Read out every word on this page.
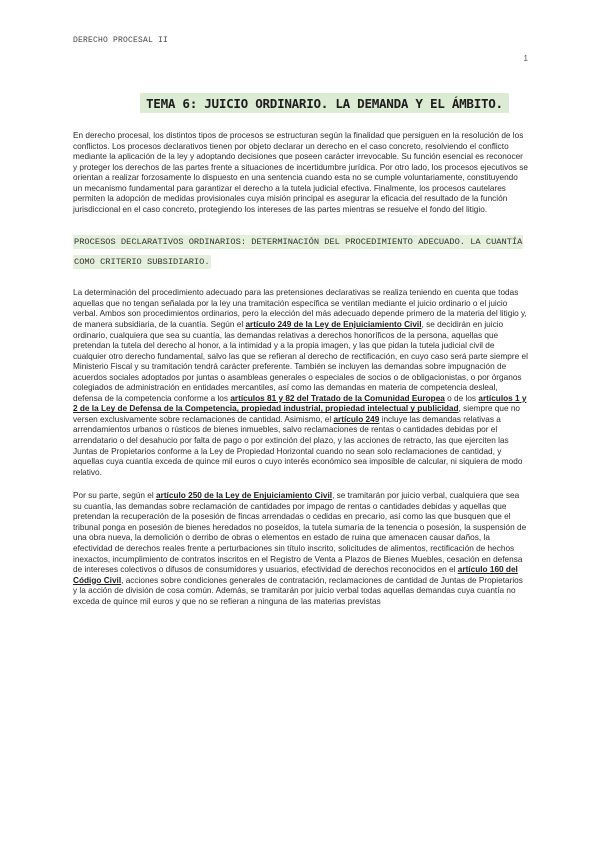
DERECHO PROCESAL II
1
TEMA 6: JUICIO ORDINARIO. LA DEMANDA Y EL ÁMBITO.

En derecho procesal, los distintos tipos de procesos se estructuran según la finalidad que persiguen en la resolución de los conflictos. Los procesos declarativos tienen por objeto declarar un derecho en el caso concreto, resolviendo el conflicto mediante la aplicación de la ley y adoptando decisiones que poseen carácter irrevocable. Su función esencial es reconocer y proteger los derechos de las partes frente a situaciones de incertidumbre jurídica. Por otro lado, los procesos ejecutivos se orientan a realizar forzosamente lo dispuesto en una sentencia cuando esta no se cumple voluntariamente, constituyendo un mecanismo fundamental para garantizar el derecho a la tutela judicial efectiva. Finalmente, los procesos cautelares permiten la adopción de medidas provisionales cuya misión principal es asegurar la eficacia del resultado de la función jurisdiccional en el caso concreto, protegiendo los intereses de las partes mientras se resuelve el fondo del litigio.

PROCESOS DECLARATIVOS ORDINARIOS: DETERMINACIÓN DEL PROCEDIMIENTO ADECUADO. LA CUANTÍA COMO CRITERIO SUBSIDIARIO.

La determinación del procedimiento adecuado para las pretensiones declarativas se realiza teniendo en cuenta que todas aquellas que no tengan señalada por la ley una tramitación específica se ventilan mediante el juicio ordinario o el juicio verbal. Ambos son procedimientos ordinarios, pero la elección del más adecuado depende primero de la materia del litigio y, de manera subsidiaria, de la cuantía. Según el artículo 249 de la Ley de Enjuiciamiento Civil, se decidirán en juicio ordinario, cualquiera que sea su cuantía, las demandas relativas a derechos honoríficos de la persona, aquellas que pretendan la tutela del derecho al honor, a la intimidad y a la propia imagen, y las que pidan la tutela judicial civil de cualquier otro derecho fundamental, salvo las que se refieran al derecho de rectificación, en cuyo caso será parte siempre el Ministerio Fiscal y su tramitación tendrá carácter preferente. También se incluyen las demandas sobre impugnación de acuerdos sociales adoptados por juntas o asambleas generales o especiales de socios o de obligacionistas, o por órganos colegiados de administración en entidades mercantiles, así como las demandas en materia de competencia desleal, defensa de la competencia conforme a los artículos 81 y 82 del Tratado de la Comunidad Europea o de los artículos 1 y 2 de la Ley de Defensa de la Competencia, propiedad industrial, propiedad intelectual y publicidad, siempre que no versen exclusivamente sobre reclamaciones de cantidad. Asimismo, el artículo 249 incluye las demandas relativas a arrendamientos urbanos o rústicos de bienes inmuebles, salvo reclamaciones de rentas o cantidades debidas por el arrendatario o del desahucio por falta de pago o por extinción del plazo, y las acciones de retracto, las que ejerciten las Juntas de Propietarios conforme a la Ley de Propiedad Horizontal cuando no sean solo reclamaciones de cantidad, y aquellas cuya cuantía exceda de quince mil euros o cuyo interés económico sea imposible de calcular, ni siquiera de modo relativo.

Por su parte, según el artículo 250 de la Ley de Enjuiciamiento Civil, se tramitarán por juicio verbal, cualquiera que sea su cuantía, las demandas sobre reclamación de cantidades por impago de rentas o cantidades debidas y aquellas que pretendan la recuperación de la posesión de fincas arrendadas o cedidas en precario, así como las que busquen que el tribunal ponga en posesión de bienes heredados no poseídos, la tutela sumaria de la tenencia o posesión, la suspensión de una obra nueva, la demolición o derribo de obras o elementos en estado de ruina que amenacen causar daños, la efectividad de derechos reales frente a perturbaciones sin título inscrito, solicitudes de alimentos, rectificación de hechos inexactos, incumplimiento de contratos inscritos en el Registro de Venta a Plazos de Bienes Muebles, cesación en defensa de intereses colectivos o difusos de consumidores y usuarios, efectividad de derechos reconocidos en el artículo 160 del Código Civil, acciones sobre condiciones generales de contratación, reclamaciones de cantidad de Juntas de Propietarios y la acción de división de cosa común. Además, se tramitarán por juicio verbal todas aquellas demandas cuya cuantía no exceda de quince mil euros y que no se refieran a ninguna de las materias previstas
